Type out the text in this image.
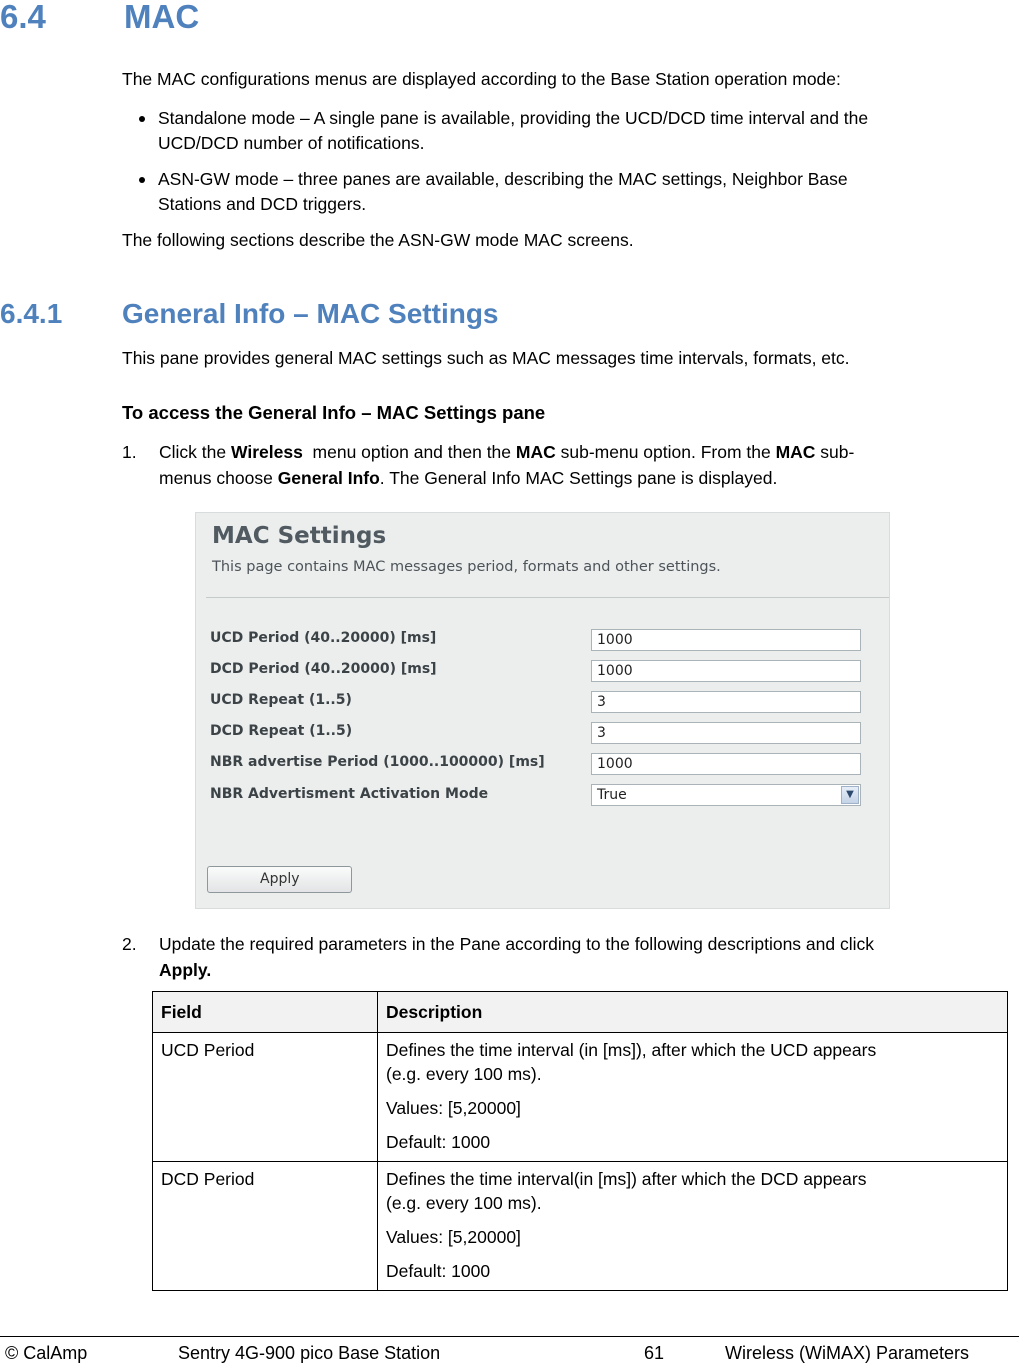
6.4 MAC
The MAC configurations menus are displayed according to the Base Station operation mode:
Standalone mode – A single pane is available, providing the UCD/DCD time interval and the
UCD/DCD number of notifications.
ASN-GW mode – three panes are available, describing the MAC settings, Neighbor Base
Stations and DCD triggers.
The following sections describe the ASN-GW mode MAC screens.
6.4.1 General Info – MAC Settings
This pane provides general MAC settings such as MAC messages time intervals, formats, etc.
To access the General Info – MAC Settings pane
1. Click the Wireless  menu option and then the MAC sub-menu option. From the MAC sub-
menus choose General Info. The General Info MAC Settings pane is displayed.
MAC Settings
This page contains MAC messages period, formats and other settings.
UCD Period (40..20000) [ms]	1000
DCD Period (40..20000) [ms]	1000
UCD Repeat (1..5)	3
DCD Repeat (1..5)	3
NBR advertise Period (1000..100000) [ms]	1000
NBR Advertisment Activation Mode	True	▼
Apply
2. Update the required parameters in the Pane according to the following descriptions and click
Apply.
Field	Description
UCD Period	Defines the time interval (in [ms]), after which the UCD appears
(e.g. every 100 ms).

Values: [5,20000]

Default: 1000

DCD Period	Defines the time interval(in [ms]) after which the DCD appears
(e.g. every 100 ms).

Values: [5,20000]

Default: 1000

© CalAmp	Sentry 4G-900 pico Base Station	61	Wireless (WiMAX) Parameters
